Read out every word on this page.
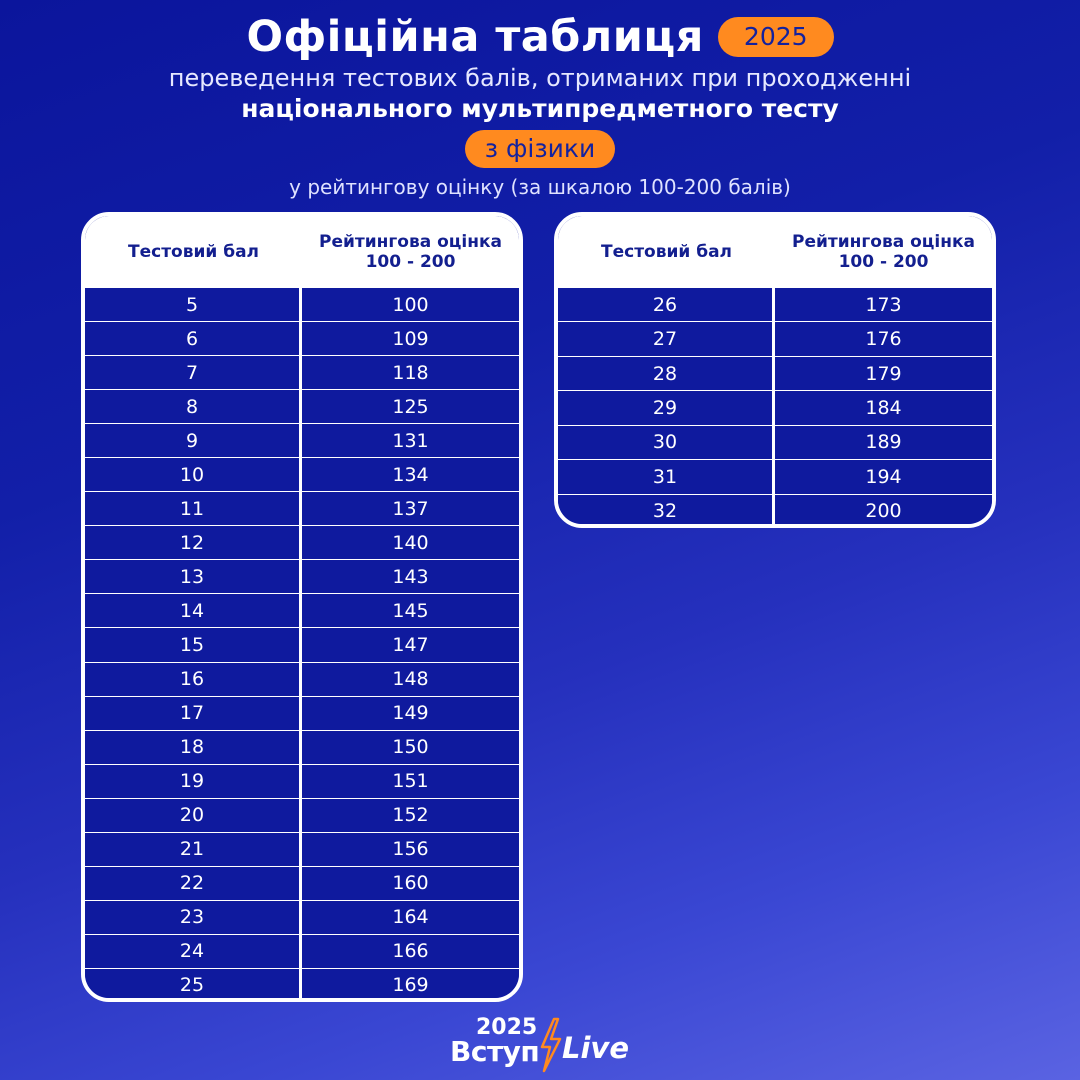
Офіційна таблиця	2025
переведення тестових балів, отриманих при проходженні
національного мультипредметного тесту
з фізики
у рейтингову оцінку (за шкалою 100-200 балів)
Тестовий бал	Рейтингова оцінка
100 - 200
5	100
6	109
7	118
8	125
9	131
10	134
11	137
12	140
13	143
14	145
15	147
16	148
17	149
18	150
19	151
20	152
21	156
22	160
23	164
24	166
25	169
Тестовий бал	Рейтингова оцінка
100 - 200
26	173
27	176
28	179
29	184
30	189
31	194
32	200
2025
Вступ Live
